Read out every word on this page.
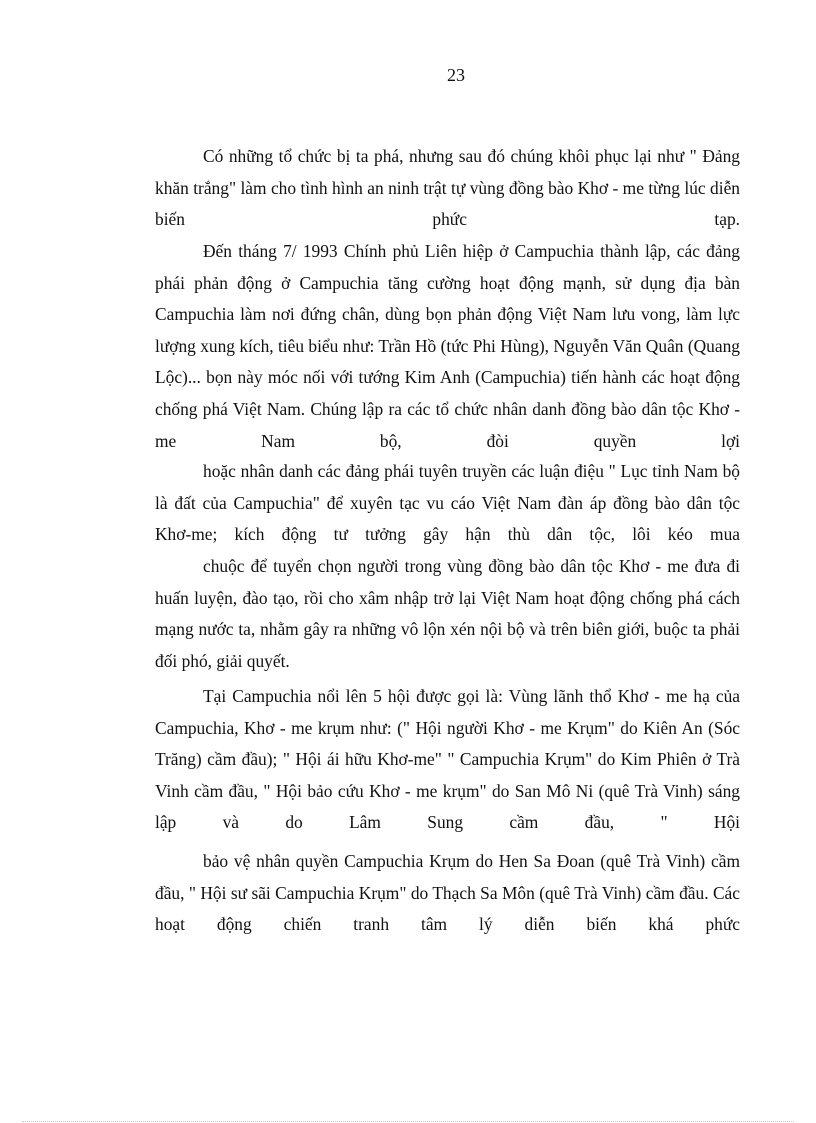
23

Có những tổ chức bị ta phá, nhưng sau đó chúng khôi phục lại như " Đảng khăn trắng" làm cho tình hình an ninh trật tự vùng đồng bào Khơ - me từng lúc diễn biến phức tạp.

Đến tháng 7/ 1993 Chính phủ Liên hiệp ở Campuchia thành lập, các đảng phái phản động ở Campuchia tăng cường hoạt động mạnh, sử dụng địa bàn Campuchia làm nơi đứng chân, dùng bọn phản động Việt Nam lưu vong, làm lực lượng xung kích, tiêu biểu như: Trần Hồ (tức Phi Hùng), Nguyễn Văn Quân (Quang Lộc)... bọn này móc nối với tướng Kim Anh (Campuchia) tiến hành các hoạt động chống phá Việt Nam. Chúng lập ra các tổ chức nhân danh đồng bào dân tộc Khơ - me Nam bộ, đòi quyền lợi

hoặc nhân danh các đảng phái tuyên truyền các luận điệu " Lục tỉnh Nam bộ là đất của Campuchia" để xuyên tạc vu cáo Việt Nam đàn áp đồng bào dân tộc Khơ-me; kích động tư tưởng gây hận thù dân tộc, lôi kéo mua

chuộc để tuyển chọn người trong vùng đồng bào dân tộc Khơ - me đưa đi huấn luyện, đào tạo, rồi cho xâm nhập trở lại Việt Nam hoạt động chống phá cách mạng nước ta, nhằm gây ra những vô lộn xén nội bộ và trên biên giới, buộc ta phải đối phó, giải quyết.

Tại Campuchia nổi lên 5 hội được gọi là: Vùng lãnh thổ Khơ - me hạ của Campuchia, Khơ - me krụm như: (" Hội người Khơ - me Krụm" do Kiên An (Sóc Trăng) cầm đầu); " Hội ái hữu Khơ-me" " Campuchia Krụm" do Kim Phiên ở Trà Vinh cầm đầu, " Hội bảo cứu Khơ - me krụm" do San Mô Ni (quê Trà Vinh) sáng lập và do Lâm Sung cầm đầu, " Hội

bảo vệ nhân quyền Campuchia Krụm do Hen Sa Đoan (quê Trà Vinh) cầm đầu, " Hội sư sãi Campuchia Krụm" do Thạch Sa Môn (quê Trà Vinh) cầm đầu. Các hoạt động chiến tranh tâm lý diễn biến khá phức
